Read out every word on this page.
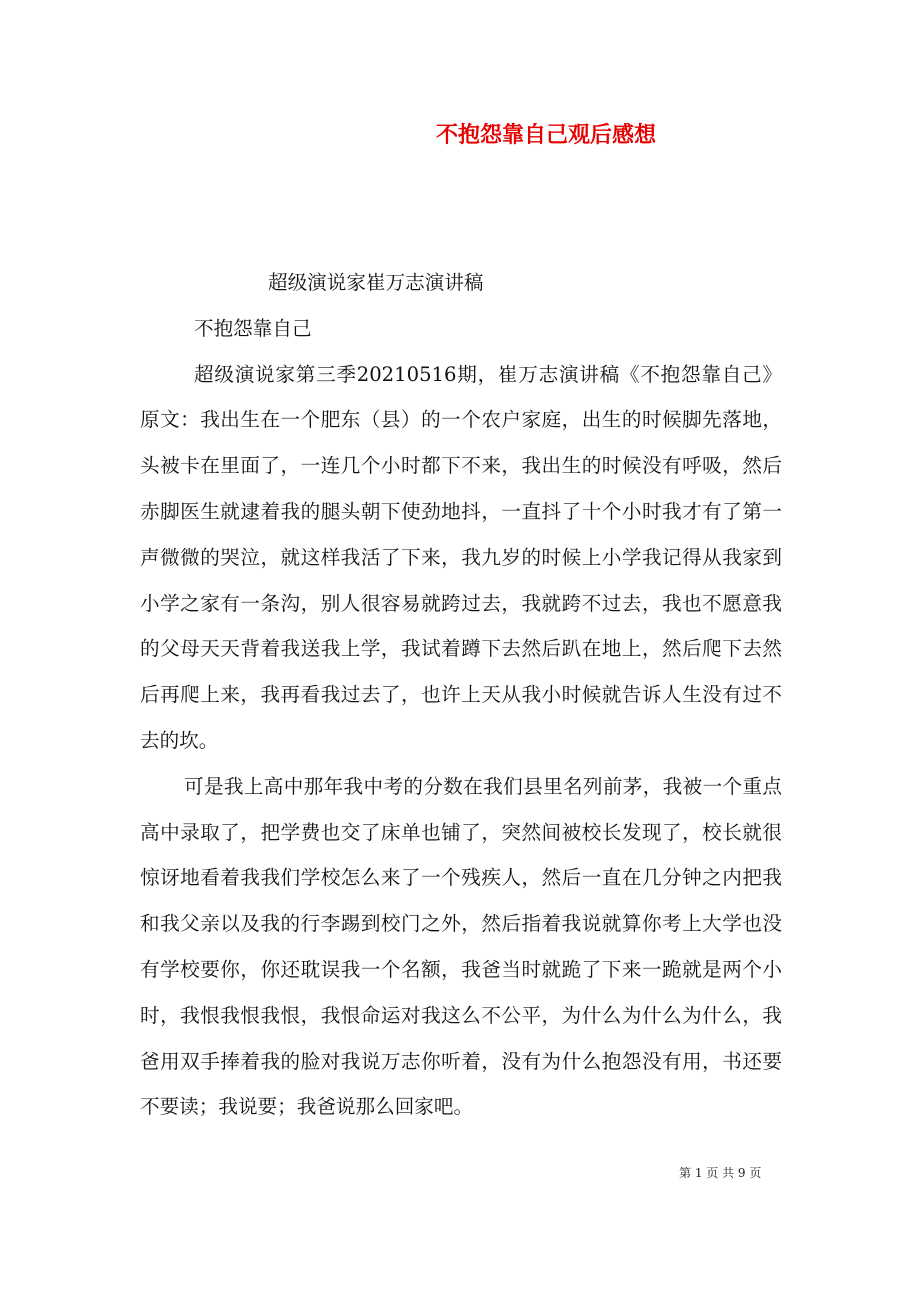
不抱怨靠自己观后感想

超级演说家崔万志演讲稿

不抱怨靠自己

超级演说家第三季20210516期，崔万志演讲稿《不抱怨靠自己》原文：我出生在一个肥东（县）的一个农户家庭，出生的时候脚先落地，头被卡在里面了，一连几个小时都下不来，我出生的时候没有呼吸，然后赤脚医生就逮着我的腿头朝下使劲地抖，一直抖了十个小时我才有了第一声微微的哭泣，就这样我活了下来，我九岁的时候上小学我记得从我家到小学之家有一条沟，别人很容易就跨过去，我就跨不过去，我也不愿意我的父母天天背着我送我上学，我试着蹲下去然后趴在地上，然后爬下去然后再爬上来，我再看我过去了，也许上天从我小时候就告诉人生没有过不去的坎。

可是我上高中那年我中考的分数在我们县里名列前茅，我被一个重点高中录取了，把学费也交了床单也铺了，突然间被校长发现了，校长就很惊讶地看着我我们学校怎么来了一个残疾人，然后一直在几分钟之内把我和我父亲以及我的行李踢到校门之外，然后指着我说就算你考上大学也没有学校要你，你还耽误我一个名额，我爸当时就跪了下来一跪就是两个小时，我恨我恨我恨，我恨命运对我这么不公平，为什么为什么为什么，我爸用双手捧着我的脸对我说万志你听着，没有为什么抱怨没有用，书还要不要读；我说要；我爸说那么回家吧。

第 1 页 共 9 页
